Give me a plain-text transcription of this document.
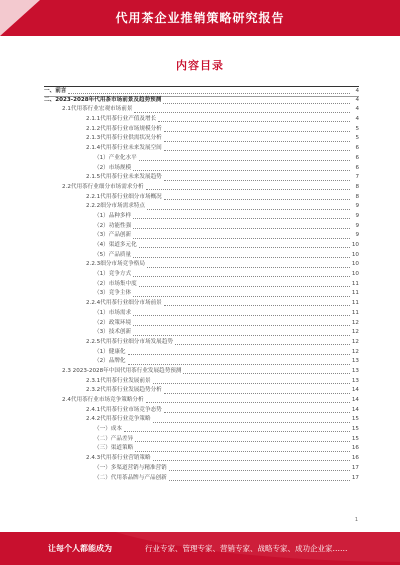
代用茶企业推销策略研究报告
内容目录
一、前言	4
二、2023-2028年代用茶市场前景及趋势预测	4
2.1代用茶行业宏观市场前景	4
2.1.1代用茶行业产值及增长	4
2.1.2代用茶行业市场规模分析	5
2.1.3代用茶行业供需状况分析	5
2.1.4代用茶行业未来发展空间	6
（1）产业化水平	6
（2）市场规模	6
2.1.5代用茶行业未来发展趋势	7
2.2代用茶行业细分市场需求分析	8
2.2.1代用茶行业细分市场概况	8
2.2.2细分市场需求特点	9
（1）品种多样	9
（2）功能性强	9
（3）产品创新	9
（4）渠道多元化	10
（5）产品质量	10
2.2.3细分市场竞争格局	10
（1）竞争方式	10
（2）市场集中度	11
（3）竞争主体	11
2.2.4代用茶行业细分市场前景	11
（1）市场需求	11
（2）政策环境	12
（3）技术创新	12
2.2.5代用茶行业细分市场发展趋势	12
（1）健康化	12
（2）品牌化	13
2.3 2023-2028年中国代用茶行业发展趋势预测	13
2.3.1代用茶行业发展前景	13
2.3.2代用茶行业发展趋势分析	14
2.4代用茶行业市场竞争策略分析	14
2.4.1代用茶行业市场竞争态势	14
2.4.2代用茶行业竞争策略	15
（一）成本	15
（二）产品差异	15
（三）渠道策略	16
2.4.3代用茶行业营销策略	16
（一）多渠道营销与精准营销	17
（二）代用茶品牌与产品创新	17
1
让每个人都能成为	行业专家、管理专家、营销专家、战略专家、成功企业家……
